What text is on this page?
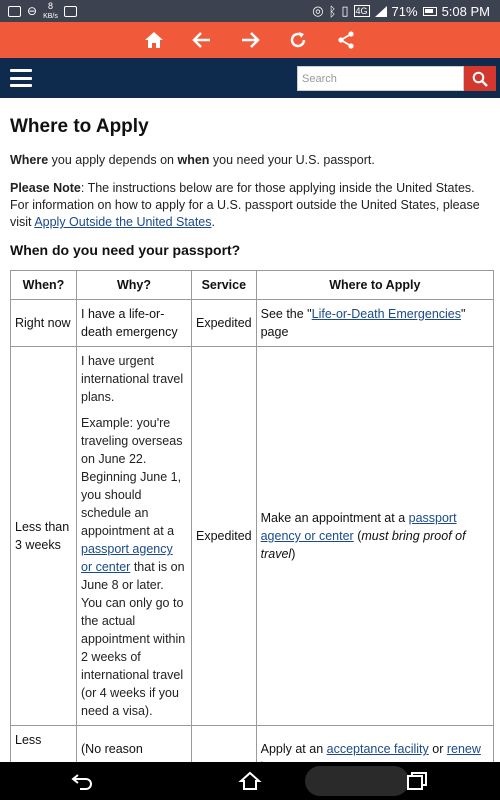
⊖	8
KB/s	◎ ᛒ ▯ 4G 71% 5:08 PM
Search
Where to Apply

Where you apply depends on when you need your U.S. passport.

Please Note: The instructions below are for those applying inside the United States. For information on how to apply for a U.S. passport outside the United States, please visit Apply Outside the United States.

When do you need your passport?
When?	Why?	Service	Where to Apply
Right now	I have a life-or-death emergency	Expedited	See the "Life-or-Death Emergencies" page
Less than 3 weeks	I have urgent international travel plans.

Example: you're traveling overseas on June 22. Beginning June 1, you should schedule an appointment at a passport agency or center that is on June 8 or later. You can only go to the actual appointment within 2 weeks of international travel (or 4 weeks if you need a visa).	Expedited	Make an appointment at a passport agency or center (must bring proof of travel)
Less	(No reason		Apply at an acceptance facility or renew
